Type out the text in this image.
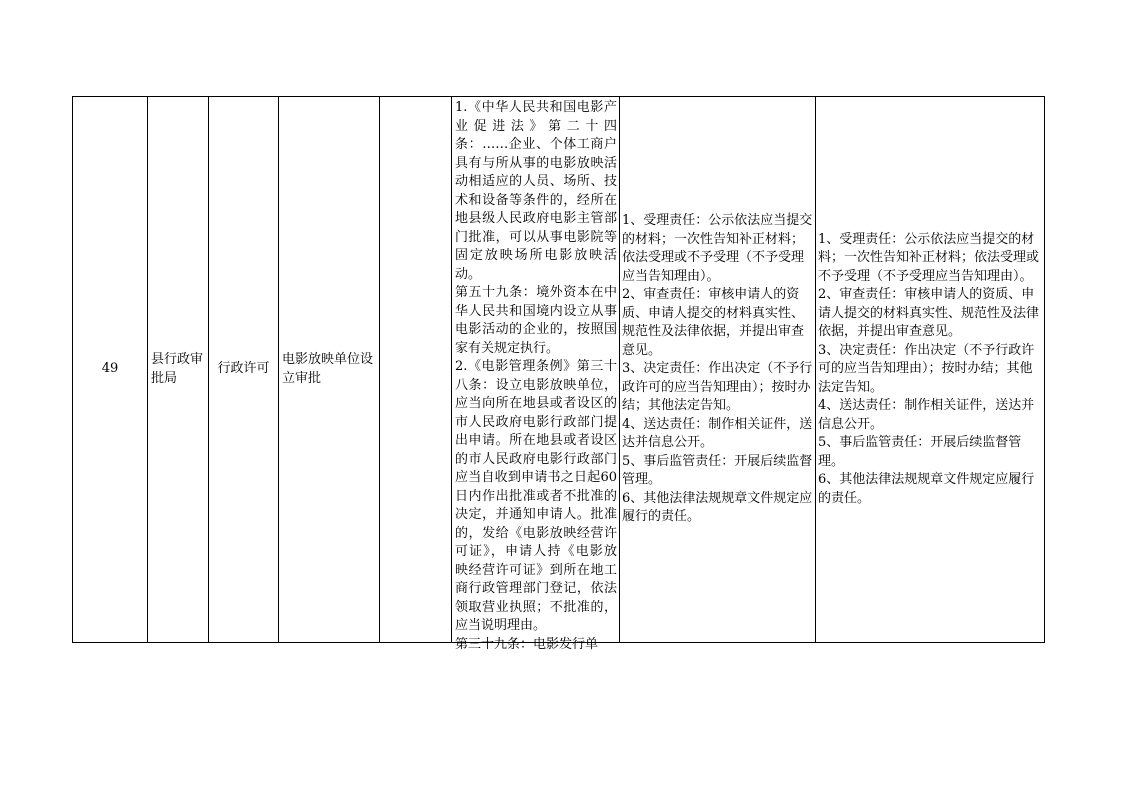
49
县行政审批局
行政许可
电影放映单位设立审批

1.《中华人民共和国电影产业促进法》第二十四条：……企业、个体工商户具有与所从事的电影放映活动相适应的人员、场所、技术和设备等条件的，经所在地县级人民政府电影主管部门批准，可以从事电影院等固定放映场所电影放映活动。

第五十九条：境外资本在中华人民共和国境内设立从事电影活动的企业的，按照国家有关规定执行。

2.《电影管理条例》第三十八条：设立电影放映单位，应当向所在地县或者设区的市人民政府电影行政部门提出申请。所在地县或者设区的市人民政府电影行政部门应当自收到申请书之日起60日内作出批准或者不批准的决定，并通知申请人。批准的，发给《电影放映经营许可证》，申请人持《电影放映经营许可证》到所在地工商行政管理部门登记，依法领取营业执照；不批准的，应当说明理由。

第三十九条：电影发行单

1、受理责任：公示依法应当提交的材料；一次性告知补正材料；依法受理或不予受理（不予受理应当告知理由）。

2、审查责任：审核申请人的资质、申请人提交的材料真实性、规范性及法律依据，并提出审查意见。

3、决定责任：作出决定（不予行政许可的应当告知理由）；按时办结；其他法定告知。

4、送达责任：制作相关证件，送达并信息公开。

5、事后监管责任：开展后续监督管理。

6、其他法律法规规章文件规定应履行的责任。

1、受理责任：公示依法应当提交的材料；一次性告知补正材料；依法受理或不予受理（不予受理应当告知理由）。

2、审查责任：审核申请人的资质、申请人提交的材料真实性、规范性及法律依据，并提出审查意见。

3、决定责任：作出决定（不予行政许可的应当告知理由）；按时办结；其他法定告知。

4、送达责任：制作相关证件，送达并信息公开。

5、事后监管责任：开展后续监督管理。

6、其他法律法规规章文件规定应履行的责任。
